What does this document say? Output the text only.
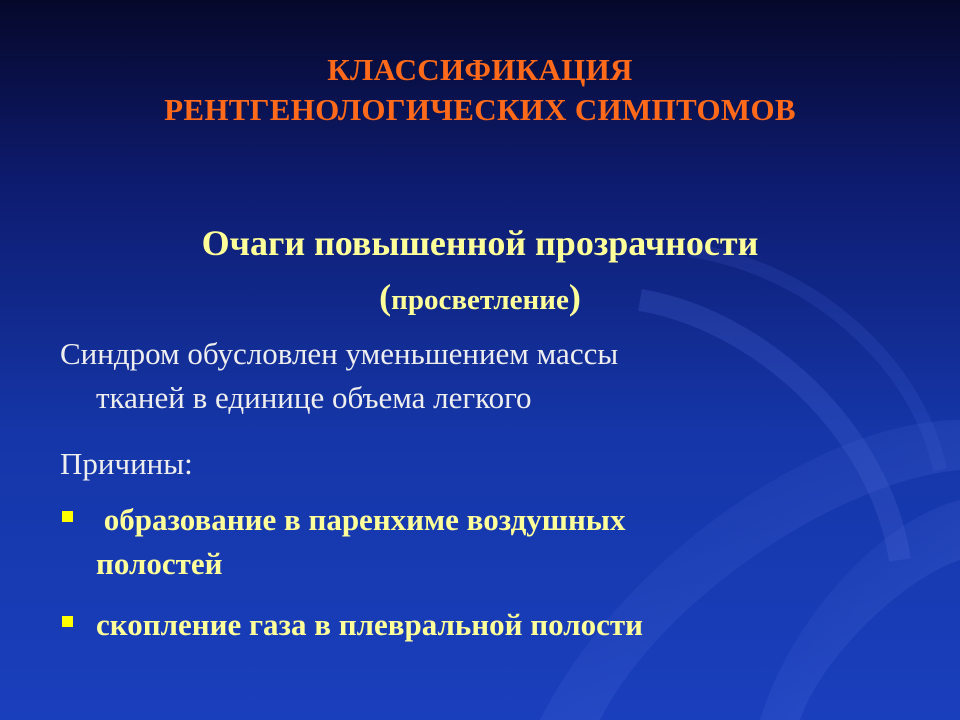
КЛАССИФИКАЦИЯ
РЕНТГЕНОЛОГИЧЕСКИХ СИМПТОМОВ
Очаги повышенной прозрачности
(просветление)
Синдром обусловлен уменьшением массы
тканей в единице объема легкого
Причины:
образование в паренхиме воздушных
полостей
скопление газа в плевральной полости
